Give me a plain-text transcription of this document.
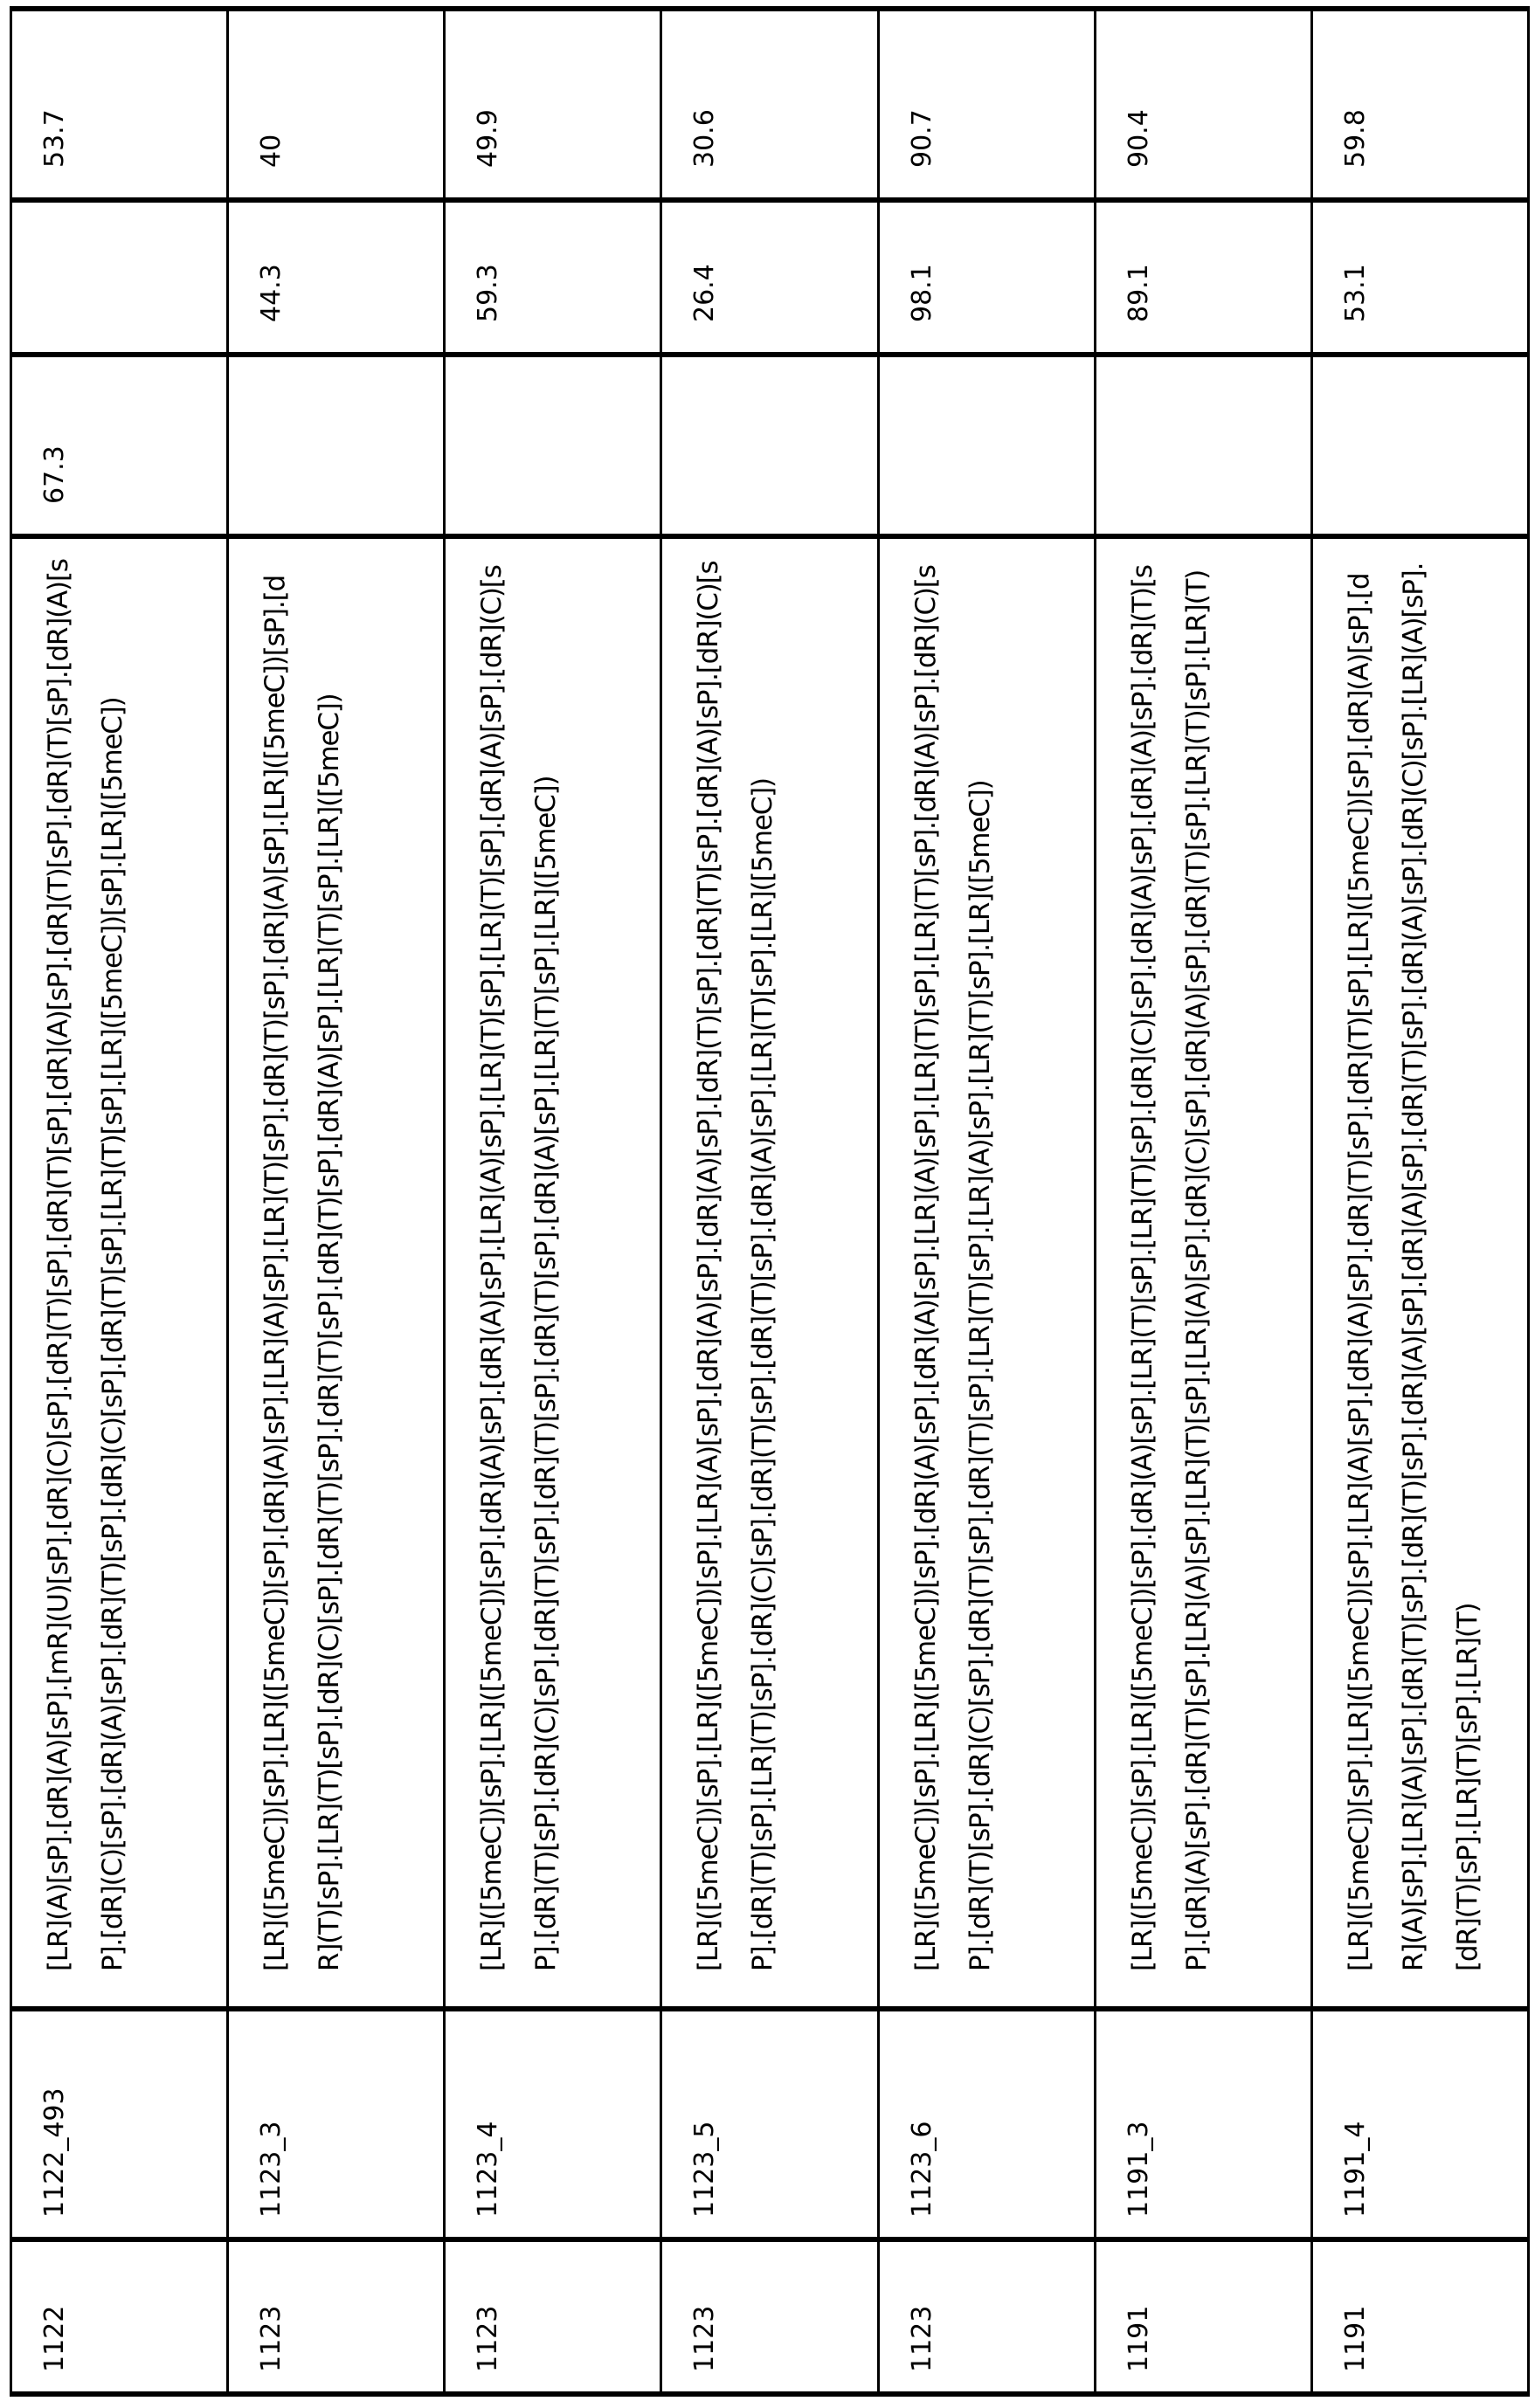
1122	1122_493	[LR](A)[sP].[dR](A)[sP].[mR](U)[sP].[dR](C)[sP].[dR](T)[sP].[dR](T)[sP].[dR](A)[sP].[dR](T)[sP].[dR](T)[sP].[dR](A)[sP].[dR](C)[sP].[dR](A)[sP].[dR](T)[sP].[dR](C)[sP].[dR](T)[sP].[LR](T)[sP].[LR]([5meC])[sP].[LR]([5meC])	67.3		53.7
1123	1123_3	[LR]([5meC])[sP].[LR]([5meC])[sP].[dR](A)[sP].[LR](A)[sP].[LR](T)[sP].[dR](T)[sP].[dR](A)[sP].[LR]([5meC])[sP].[dR](T)[sP].[LR](T)[sP].[dR](C)[sP].[dR](T)[sP].[dR](T)[sP].[dR](T)[sP].[dR](A)[sP].[LR](T)[sP].[LR]([5meC])		44.3	40
1123	1123_4	[LR]([5meC])[sP].[LR]([5meC])[sP].[dR](A)[sP].[dR](A)[sP].[LR](A)[sP].[LR](T)[sP].[LR](T)[sP].[dR](A)[sP].[dR](C)[sP].[dR](T)[sP].[dR](C)[sP].[dR](T)[sP].[dR](T)[sP].[dR](T)[sP].[dR](A)[sP].[LR](T)[sP].[LR]([5meC])		59.3	49.9
1123	1123_5	[LR]([5meC])[sP].[LR]([5meC])[sP].[LR](A)[sP].[dR](A)[sP].[dR](A)[sP].[dR](T)[sP].[dR](T)[sP].[dR](A)[sP].[dR](C)[sP].[dR](T)[sP].[LR](T)[sP].[dR](C)[sP].[dR](T)[sP].[dR](T)[sP].[dR](A)[sP].[LR](T)[sP].[LR]([5meC])		26.4	30.6
1123	1123_6	[LR]([5meC])[sP].[LR]([5meC])[sP].[dR](A)[sP].[dR](A)[sP].[LR](A)[sP].[LR](T)[sP].[LR](T)[sP].[dR](A)[sP].[dR](C)[sP].[dR](T)[sP].[dR](C)[sP].[dR](T)[sP].[dR](T)[sP].[LR](T)[sP].[LR](A)[sP].[LR](T)[sP].[LR]([5meC])		98.1	90.7
1191	1191_3	[LR]([5meC])[sP].[LR]([5meC])[sP].[dR](A)[sP].[LR](T)[sP].[LR](T)[sP].[dR](C)[sP].[dR](A)[sP].[dR](A)[sP].[dR](T)[sP].[dR](A)[sP].[dR](T)[sP].[LR](A)[sP].[LR](T)[sP].[LR](A)[sP].[dR](C)[sP].[dR](A)[sP].[dR](T)[sP].[LR](T)[sP].[LR](T)		89.1	90.4
1191	1191_4	[LR]([5meC])[sP].[LR]([5meC])[sP].[LR](A)[sP].[dR](A)[sP].[dR](T)[sP].[dR](T)[sP].[LR]([5meC])[sP].[dR](A)[sP].[dR](A)[sP].[LR](A)[sP].[dR](T)[sP].[dR](T)[sP].[dR](A)[sP].[dR](A)[sP].[dR](T)[sP].[dR](A)[sP].[dR](C)[sP].[LR](A)[sP].[dR](T)[sP].[LR](T)[sP].[LR](T)		53.1	59.8
